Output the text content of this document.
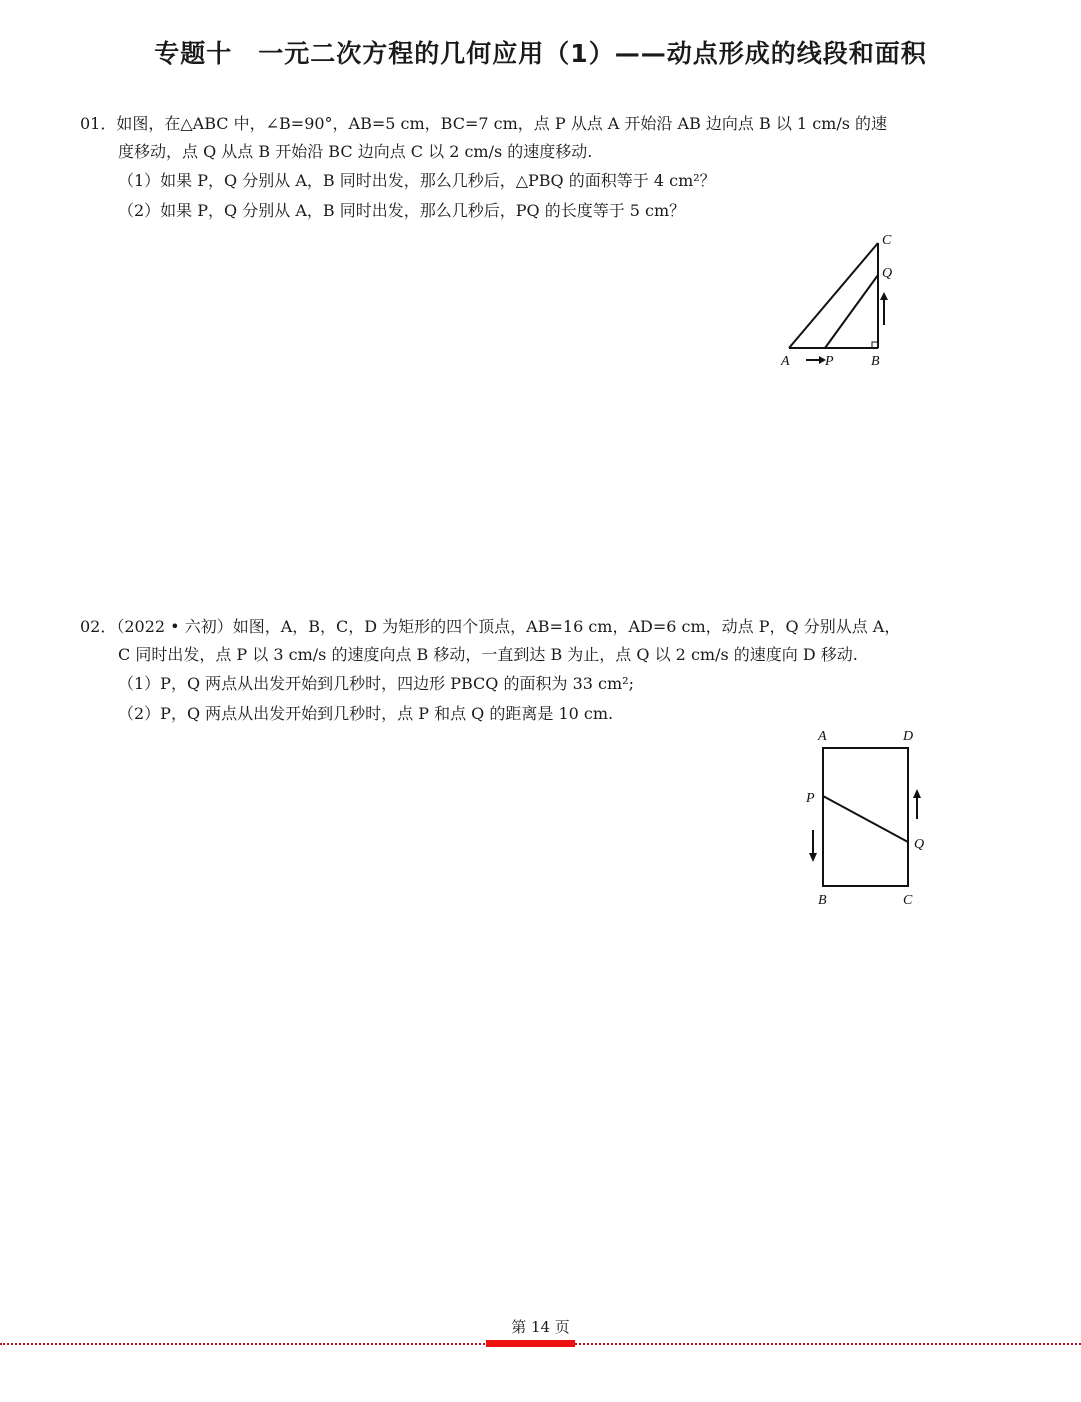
专题十　一元二次方程的几何应用（1）——动点形成的线段和面积
01．如图，在△ABC 中，∠B=90°，AB=5 cm，BC=7 cm，点 P 从点 A 开始沿 AB 边向点 B 以 1 cm/s 的速
度移动，点 Q 从点 B 开始沿 BC 边向点 C 以 2 cm/s 的速度移动.
（1）如果 P，Q 分别从 A，B 同时出发，那么几秒后，△PBQ 的面积等于 4 cm²？
（2）如果 P，Q 分别从 A，B 同时出发，那么几秒后，PQ 的长度等于 5 cm？
C
Q
A	P	B
02．（2022 • 六初）如图，A，B，C，D 为矩形的四个顶点，AB=16 cm，AD=6 cm，动点 P，Q 分别从点 A，
C 同时出发，点 P 以 3 cm/s 的速度向点 B 移动，一直到达 B 为止，点 Q 以 2 cm/s 的速度向 D 移动.
（1）P，Q 两点从出发开始到几秒时，四边形 PBCQ 的面积为 33 cm²;
（2）P，Q 两点从出发开始到几秒时，点 P 和点 Q 的距离是 10 cm.
A	D
P
Q
B	C
第 14 页
